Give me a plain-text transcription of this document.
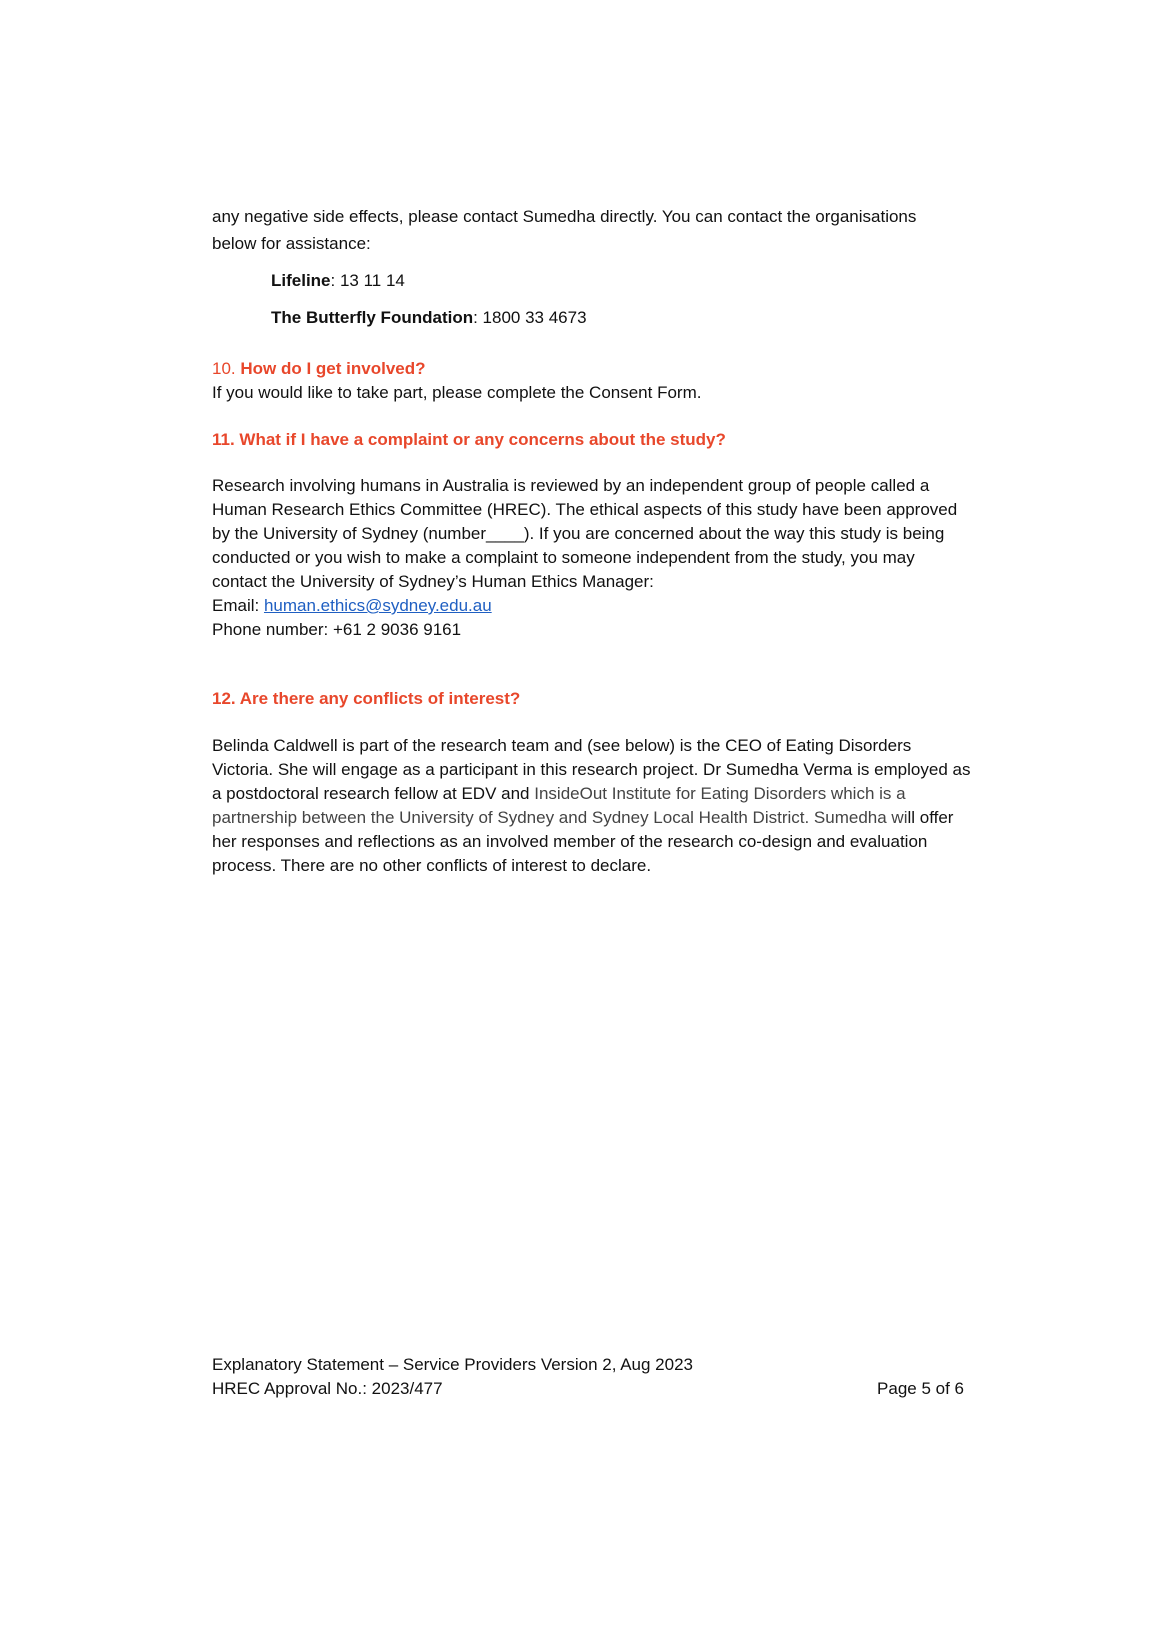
any negative side effects, please contact Sumedha directly. You can contact the organisations
below for assistance:
Lifeline: 13 11 14
The Butterfly Foundation: 1800 33 4673
10. How do I get involved?
If you would like to take part, please complete the Consent Form.
11. What if I have a complaint or any concerns about the study?
Research involving humans in Australia is reviewed by an independent group of people called a Human Research Ethics Committee (HREC). The ethical aspects of this study have been approved by the University of Sydney (number____). If you are concerned about the way this study is being conducted or you wish to make a complaint to someone independent from the study, you may contact the University of Sydney’s Human Ethics Manager:
Email: human.ethics@sydney.edu.au
Phone number: +61 2 9036 9161
12. Are there any conflicts of interest?
Belinda Caldwell is part of the research team and (see below) is the CEO of Eating Disorders Victoria. She will engage as a participant in this research project. Dr Sumedha Verma is employed as a postdoctoral research fellow at EDV and InsideOut Institute for Eating Disorders which is a partnership between the University of Sydney and Sydney Local Health District. Sumedha will offer her responses and reflections as an involved member of the research co-design and evaluation process. There are no other conflicts of interest to declare.
Explanatory Statement – Service Providers Version 2, Aug 2023
HREC Approval No.: 2023/477	Page 5 of 6
